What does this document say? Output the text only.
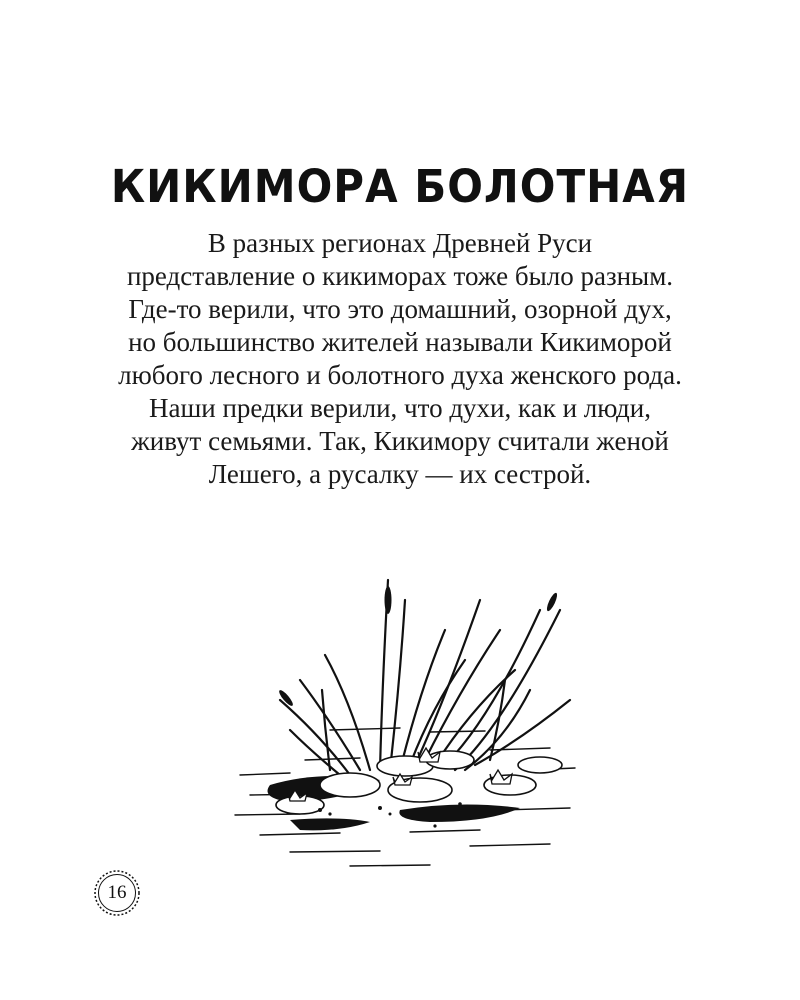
КИКИМОРА БОЛОТНАЯ
В разных регионах Древней Руси
представление о кикиморах тоже было разным.
Где-то верили, что это домашний, озорной дух,
но большинство жителей называли Кикиморой
любого лесного и болотного духа женского рода.
Наши предки верили, что духи, как и люди,
живут семьями. Так, Кикимору считали женой
Лешего, а русалку — их сестрой.
16
